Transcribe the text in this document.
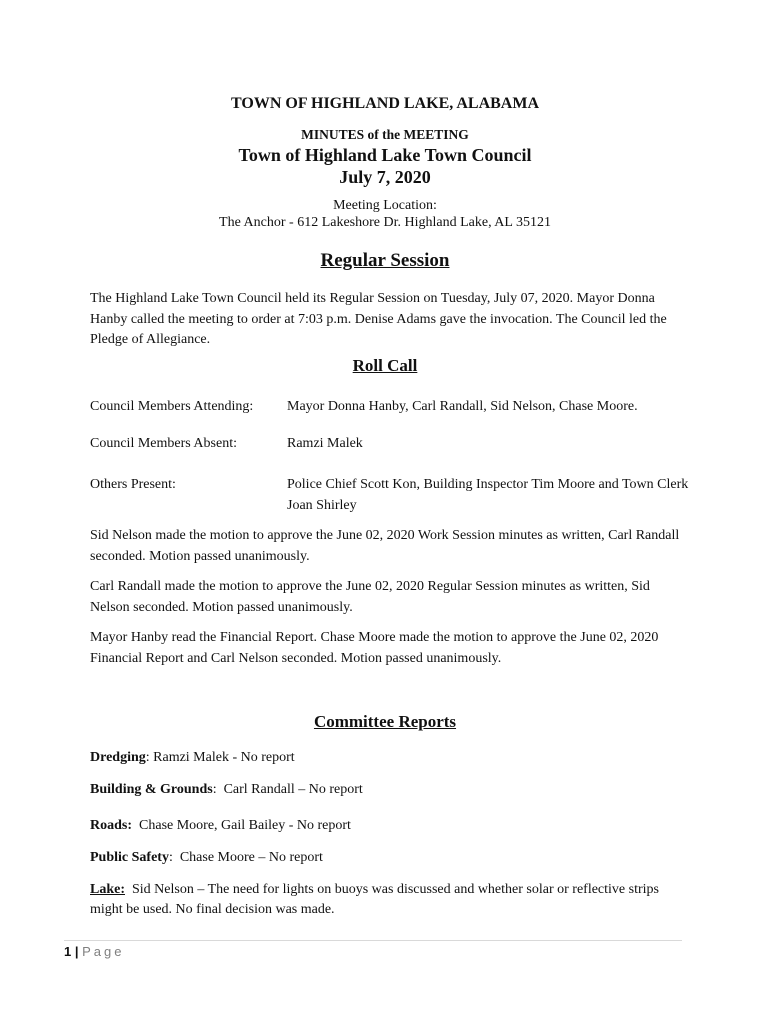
TOWN OF HIGHLAND LAKE, ALABAMA
MINUTES of the MEETING
Town of Highland Lake Town Council
July 7, 2020
Meeting Location:
The Anchor - 612 Lakeshore Dr. Highland Lake, AL 35121
Regular Session
The Highland Lake Town Council held its Regular Session on Tuesday, July 07, 2020. Mayor Donna Hanby called the meeting to order at 7:03 p.m. Denise Adams gave the invocation. The Council led the Pledge of Allegiance.
Roll Call
Council Members Attending: Mayor Donna Hanby, Carl Randall, Sid Nelson, Chase Moore.
Council Members Absent:	Ramzi Malek
Others Present:	Police Chief Scott Kon, Building Inspector Tim Moore and Town Clerk Joan Shirley
Sid Nelson made the motion to approve the June 02, 2020 Work Session minutes as written, Carl Randall seconded. Motion passed unanimously.
Carl Randall made the motion to approve the June 02, 2020 Regular Session minutes as written, Sid Nelson seconded. Motion passed unanimously.
Mayor Hanby read the Financial Report. Chase Moore made the motion to approve the June 02, 2020 Financial Report and Carl Nelson seconded. Motion passed unanimously.
Committee Reports
Dredging: Ramzi Malek - No report
Building & Grounds:  Carl Randall – No report
Roads: Chase Moore, Gail Bailey - No report
Public Safety:  Chase Moore – No report
Lake: Sid Nelson – The need for lights on buoys was discussed and whether solar or reflective strips might be used. No final decision was made.
1 | Page
